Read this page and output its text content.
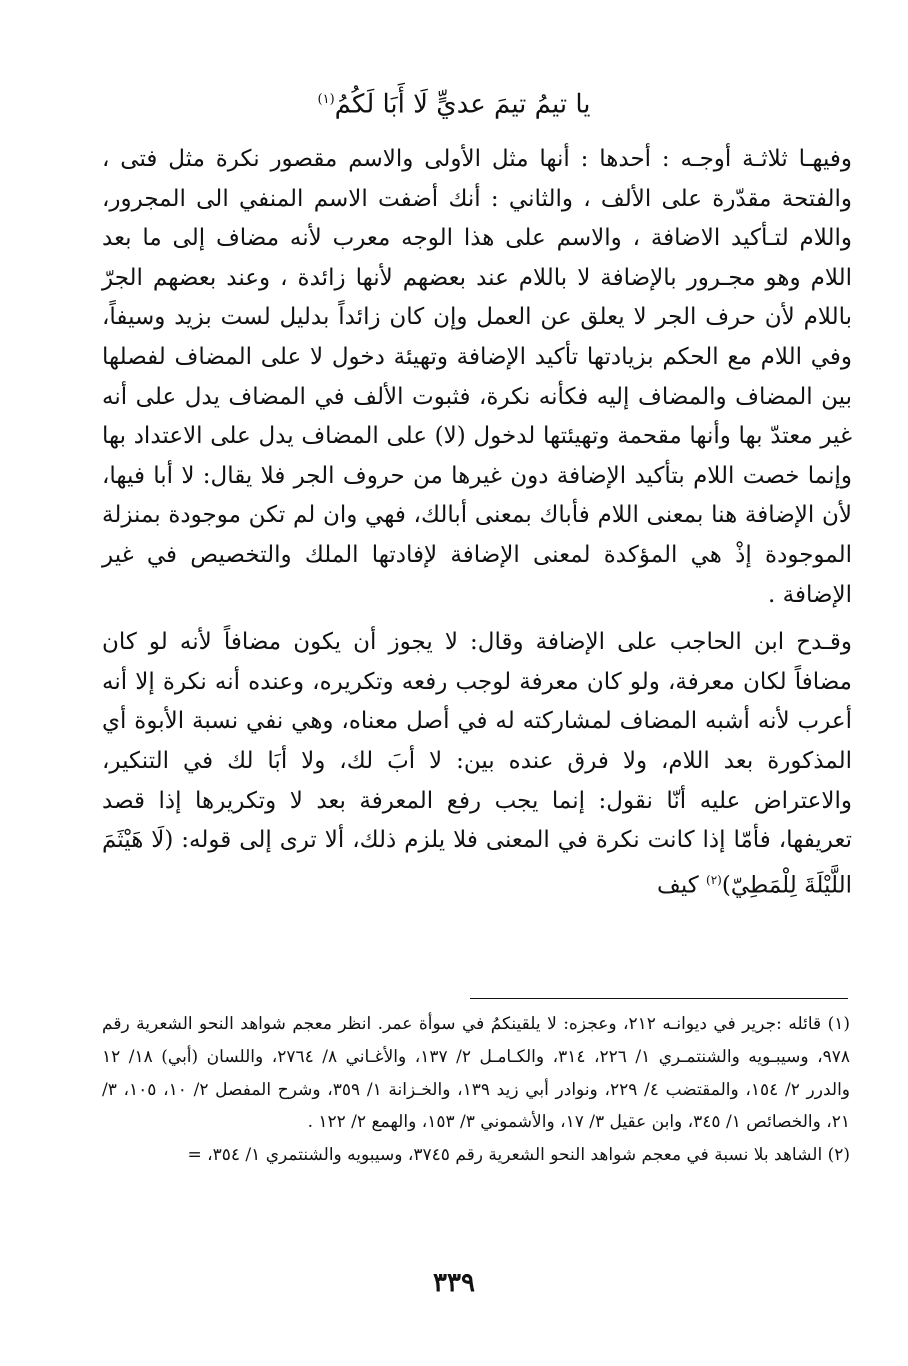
يا تيمُ تيمَ عديٍّ لَا أَبَا لَكُمُ$^{(١)}$

وفيهـا ثلاثـة أوجـه : أحدها : أنها مثل الأولى والاسم مقصور نكرة مثل فتى ، والفتحة مقدّرة على الألف ، والثاني : أنك أضفت الاسم المنفي الى المجرور، واللام لتـأكيد الاضافة ، والاسم على هذا الوجه معرب لأنه مضاف إلى ما بعد اللام وهو مجـرور بالإضافة لا باللام عند بعضهم لأنها زائدة ، وعند بعضهم الجرّ باللام لأن حرف الجر لا يعلق عن العمل وإن كان زائداً بدليل لست بزيد وسيفاً، وفي اللام مع الحكم بزيادتها تأكيد الإضافة وتهيئة دخول لا على المضاف لفصلها بين المضاف والمضاف إليه فكأنه نكرة، فثبوت الألف في المضاف يدل على أنه غير معتدّ بها وأنها مقحمة وتهيئتها لدخول (لا) على المضاف يدل على الاعتداد بها وإنما خصت اللام بتأكيد الإضافة دون غيرها من حروف الجر فلا يقال: لا أبا فيها، لأن الإضافة هنا بمعنى اللام فأباك بمعنى أبالك، فهي وان لم تكن موجودة بمنزلة الموجودة إذْ هي المؤكدة لمعنى الإضافة لإفادتها الملك والتخصيص في غير الإضافة .

وقـدح ابن الحاجب على الإضافة وقال: لا يجوز أن يكون مضافاً لأنه لو كان مضافاً لكان معرفة، ولو كان معرفة لوجب رفعه وتكريره، وعنده أنه نكرة إلا أنه أعرب لأنه أشبه المضاف لمشاركته له في أصل معناه، وهي نفي نسبة الأبوة أي المذكورة بعد اللام، ولا فرق عنده بين: لا أبَ لك، ولا أبَا لك في التنكير، والاعتراض عليه أنّا نقول: إنما يجب رفع المعرفة بعد لا وتكريرها إذا قصد تعريفها، فأمّا إذا كانت نكرة في المعنى فلا يلزم ذلك، ألا ترى إلى قوله: (لَا هَيْثَمَ اللَّيْلَةَ لِلْمَطِيّ)$^{(٢)}$ كيف

(١) قائله :جرير في ديوانـه ٢١٢، وعجزه: لا يلقينكمُ في سوأة عمر. انظر معجم شواهد النحو الشعرية رقم ٩٧٨، وسيبـويه والشنتمـري ١/ ٢٢٦، ٣١٤، والكـامـل ٢/ ١٣٧، والأغـاني ٨/ ٢٧٦٤، واللسان (أبي) ١٨/ ١٢ والدرر ٢/ ١٥٤، والمقتضب ٤/ ٢٢٩، ونوادر أبي زيد ١٣٩، والخـزانة ١/ ٣٥٩، وشرح المفصل ٢/ ١٠، ١٠٥، ٣/ ٢١، والخصائص ١/ ٣٤٥، وابن عقيل ٣/ ١٧، والأشموني ٣/ ١٥٣، والهمع ٢/ ١٢٢ .

(٢) الشاهد بلا نسبة في معجم شواهد النحو الشعرية رقم ٣٧٤٥، وسيبويه والشنتمري ١/ ٣٥٤، =

٣٣٩
